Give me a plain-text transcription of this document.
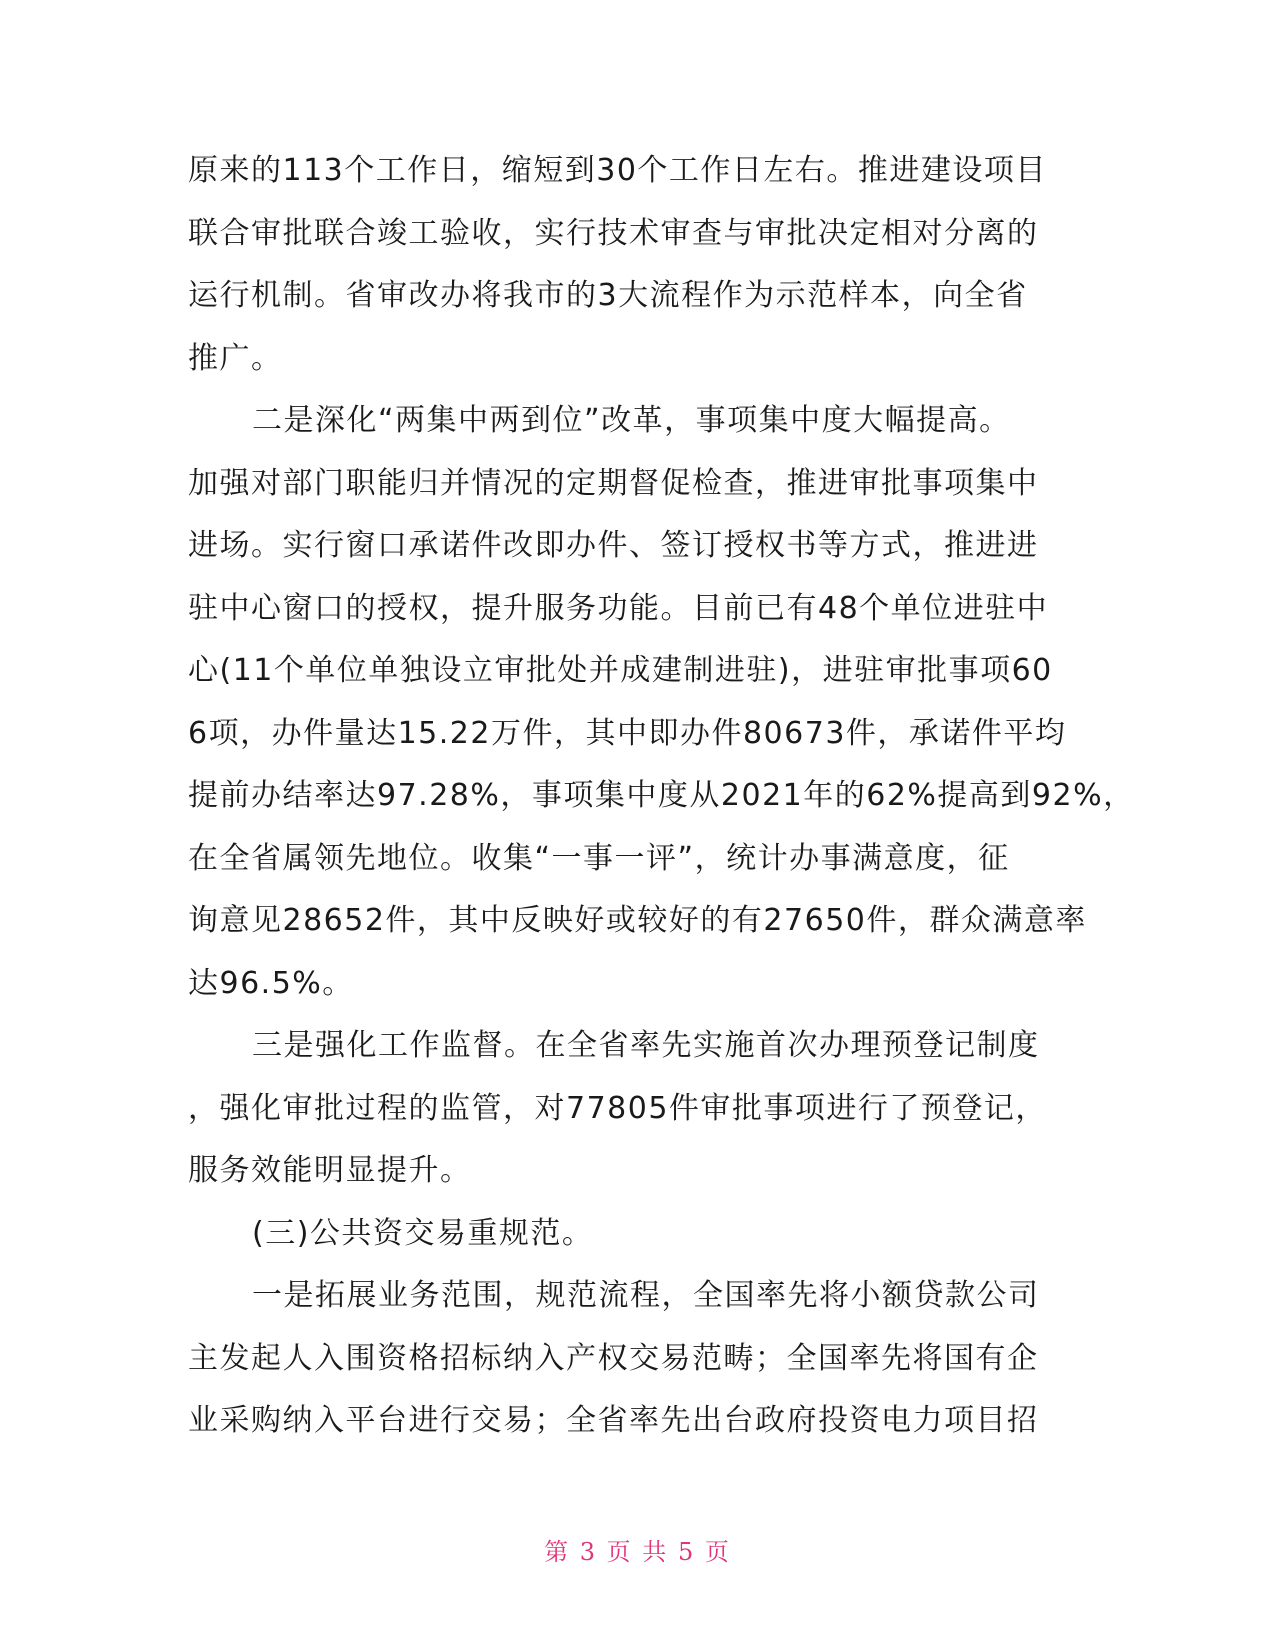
原来的113个工作日，缩短到30个工作日左右。推进建设项目
联合审批联合竣工验收，实行技术审查与审批决定相对分离的
运行机制。省审改办将我市的3大流程作为示范样本，向全省
推广。
二是深化“两集中两到位”改革，事项集中度大幅提高。
加强对部门职能归并情况的定期督促检查，推进审批事项集中
进场。实行窗口承诺件改即办件、签订授权书等方式，推进进
驻中心窗口的授权，提升服务功能。目前已有48个单位进驻中
心(11个单位单独设立审批处并成建制进驻)，进驻审批事项60
6项，办件量达15.22万件，其中即办件80673件，承诺件平均
提前办结率达97.28%，事项集中度从2021年的62%提高到92%，
在全省属领先地位。收集“一事一评”，统计办事满意度，征
询意见28652件，其中反映好或较好的有27650件，群众满意率
达96.5%。
三是强化工作监督。在全省率先实施首次办理预登记制度
，强化审批过程的监管，对77805件审批事项进行了预登记，
服务效能明显提升。
(三)公共资交易重规范。
一是拓展业务范围，规范流程，全国率先将小额贷款公司
主发起人入围资格招标纳入产权交易范畴；全国率先将国有企
业采购纳入平台进行交易；全省率先出台政府投资电力项目招
第 3 页 共 5 页
